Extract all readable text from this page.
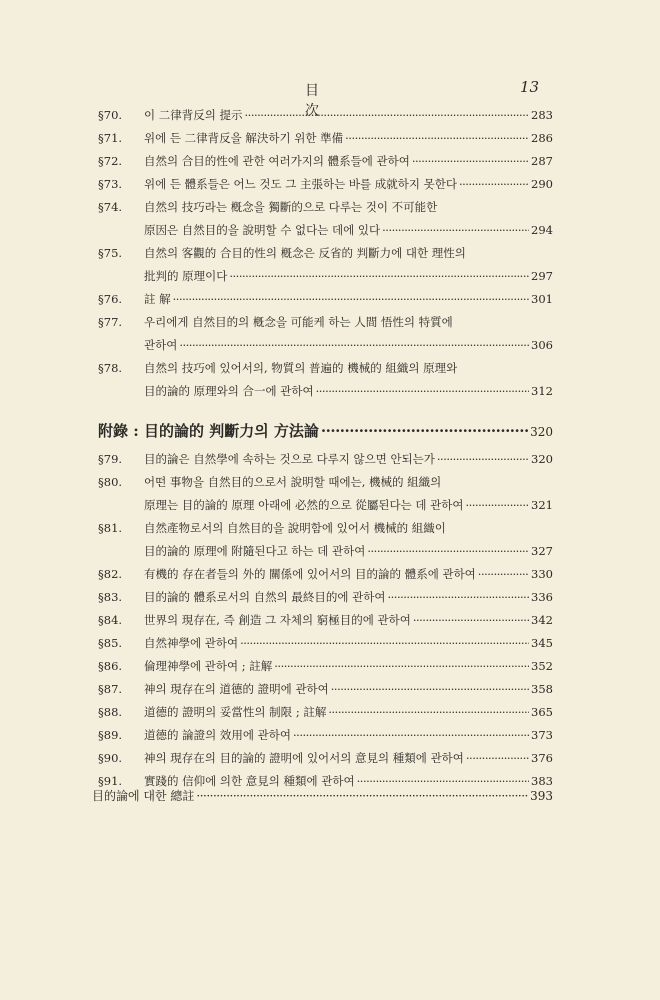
目 次
13
§70.	이 二律背反의 提示 ·····	283
§71.	위에 든 二律背反을 解決하기 위한 準備 ·····	286
§72.	自然의 合目的性에 관한 여러가지의 體系들에 관하여 ·····	287
§73.	위에 든 體系들은 어느 것도 그 主張하는 바를 成就하지 못한다 ·····	290
§74.	自然의 技巧라는 槪念을 獨斷的으로 다루는 것이 不可能한
原因은 自然目的을 說明할 수 없다는 데에 있다 ·····	294
§75.	自然의 客觀的 合目的性의 槪念은 反省的 判斷力에 대한 理性의
批判的 原理이다 ·····	297
§76.	註 解 ·····	301
§77.	우리에게 自然目的의 槪念을 可能케 하는 人間 悟性의 特質에
관하여 ·····	306
§78.	自然의 技巧에 있어서의, 物質의 普遍的 機械的 組織의 原理와
目的論的 原理와의 合一에 관하여 ·····	312
附錄 : 目的論的 判斷力의 方法論 ·····	320
§79.	目的論은 自然學에 속하는 것으로 다루지 않으면 안되는가 ·····	320
§80.	어떤 事物을 自然目的으로서 說明할 때에는, 機械的 組織의
原理는 目的論的 原理 아래에 必然的으로 從屬된다는 데 관하여 ·····	321
§81.	自然產物로서의 自然目的을 說明함에 있어서 機械的 組織이
目的論的 原理에 附隨된다고 하는 데 관하여 ·····	327
§82.	有機的 存在者들의 外的 關係에 있어서의 目的論的 體系에 관하여 ·····	330
§83.	目的論的 體系로서의 自然의 最終目的에 관하여 ·····	336
§84.	世界의 現存在, 즉 創造 그 자체의 窮極目的에 관하여 ·····	342
§85.	自然神學에 관하여 ·····	345
§86.	倫理神學에 관하여 ; 註解 ·····	352
§87.	神의 現存在의 道德的 證明에 관하여 ·····	358
§88.	道德的 證明의 妥當性의 制限 ; 註解 ·····	365
§89.	道德的 論證의 效用에 관하여 ·····	373
§90.	神의 現存在의 目的論的 證明에 있어서의 意見의 種類에 관하여 ·····	376
§91.	實踐的 信仰에 의한 意見의 種類에 관하여 ·····	383
目的論에 대한 總註 ·····	393
